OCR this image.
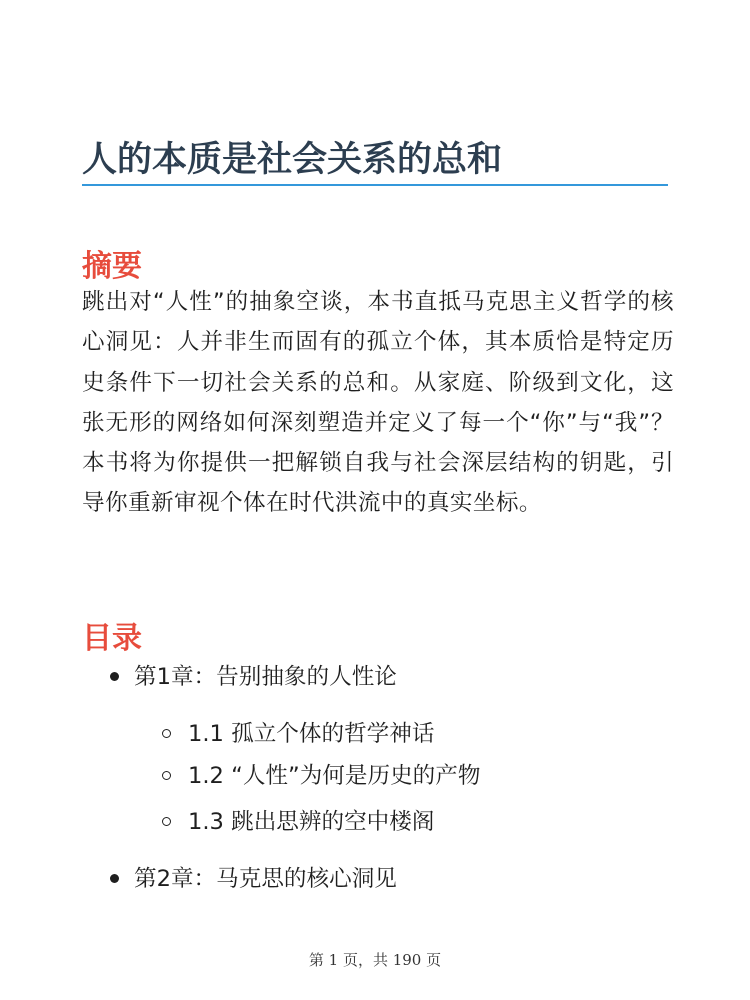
人的本质是社会关系的总和
摘要

跳出对“人性”的抽象空谈，本书直抵马克思主义哲学的核心洞见：人并非生而固有的孤立个体，其本质恰是特定历史条件下一切社会关系的总和。从家庭、阶级到文化，这张无形的网络如何深刻塑造并定义了每一个“你”与“我”？本书将为你提供一把解锁自我与社会深层结构的钥匙，引导你重新审视个体在时代洪流中的真实坐标。

目录
第1章：告别抽象的人性论
1.1 孤立个体的哲学神话
1.2 “人性”为何是历史的产物
1.3 跳出思辨的空中楼阁
第2章：马克思的核心洞见
第 1 页，共 190 页
